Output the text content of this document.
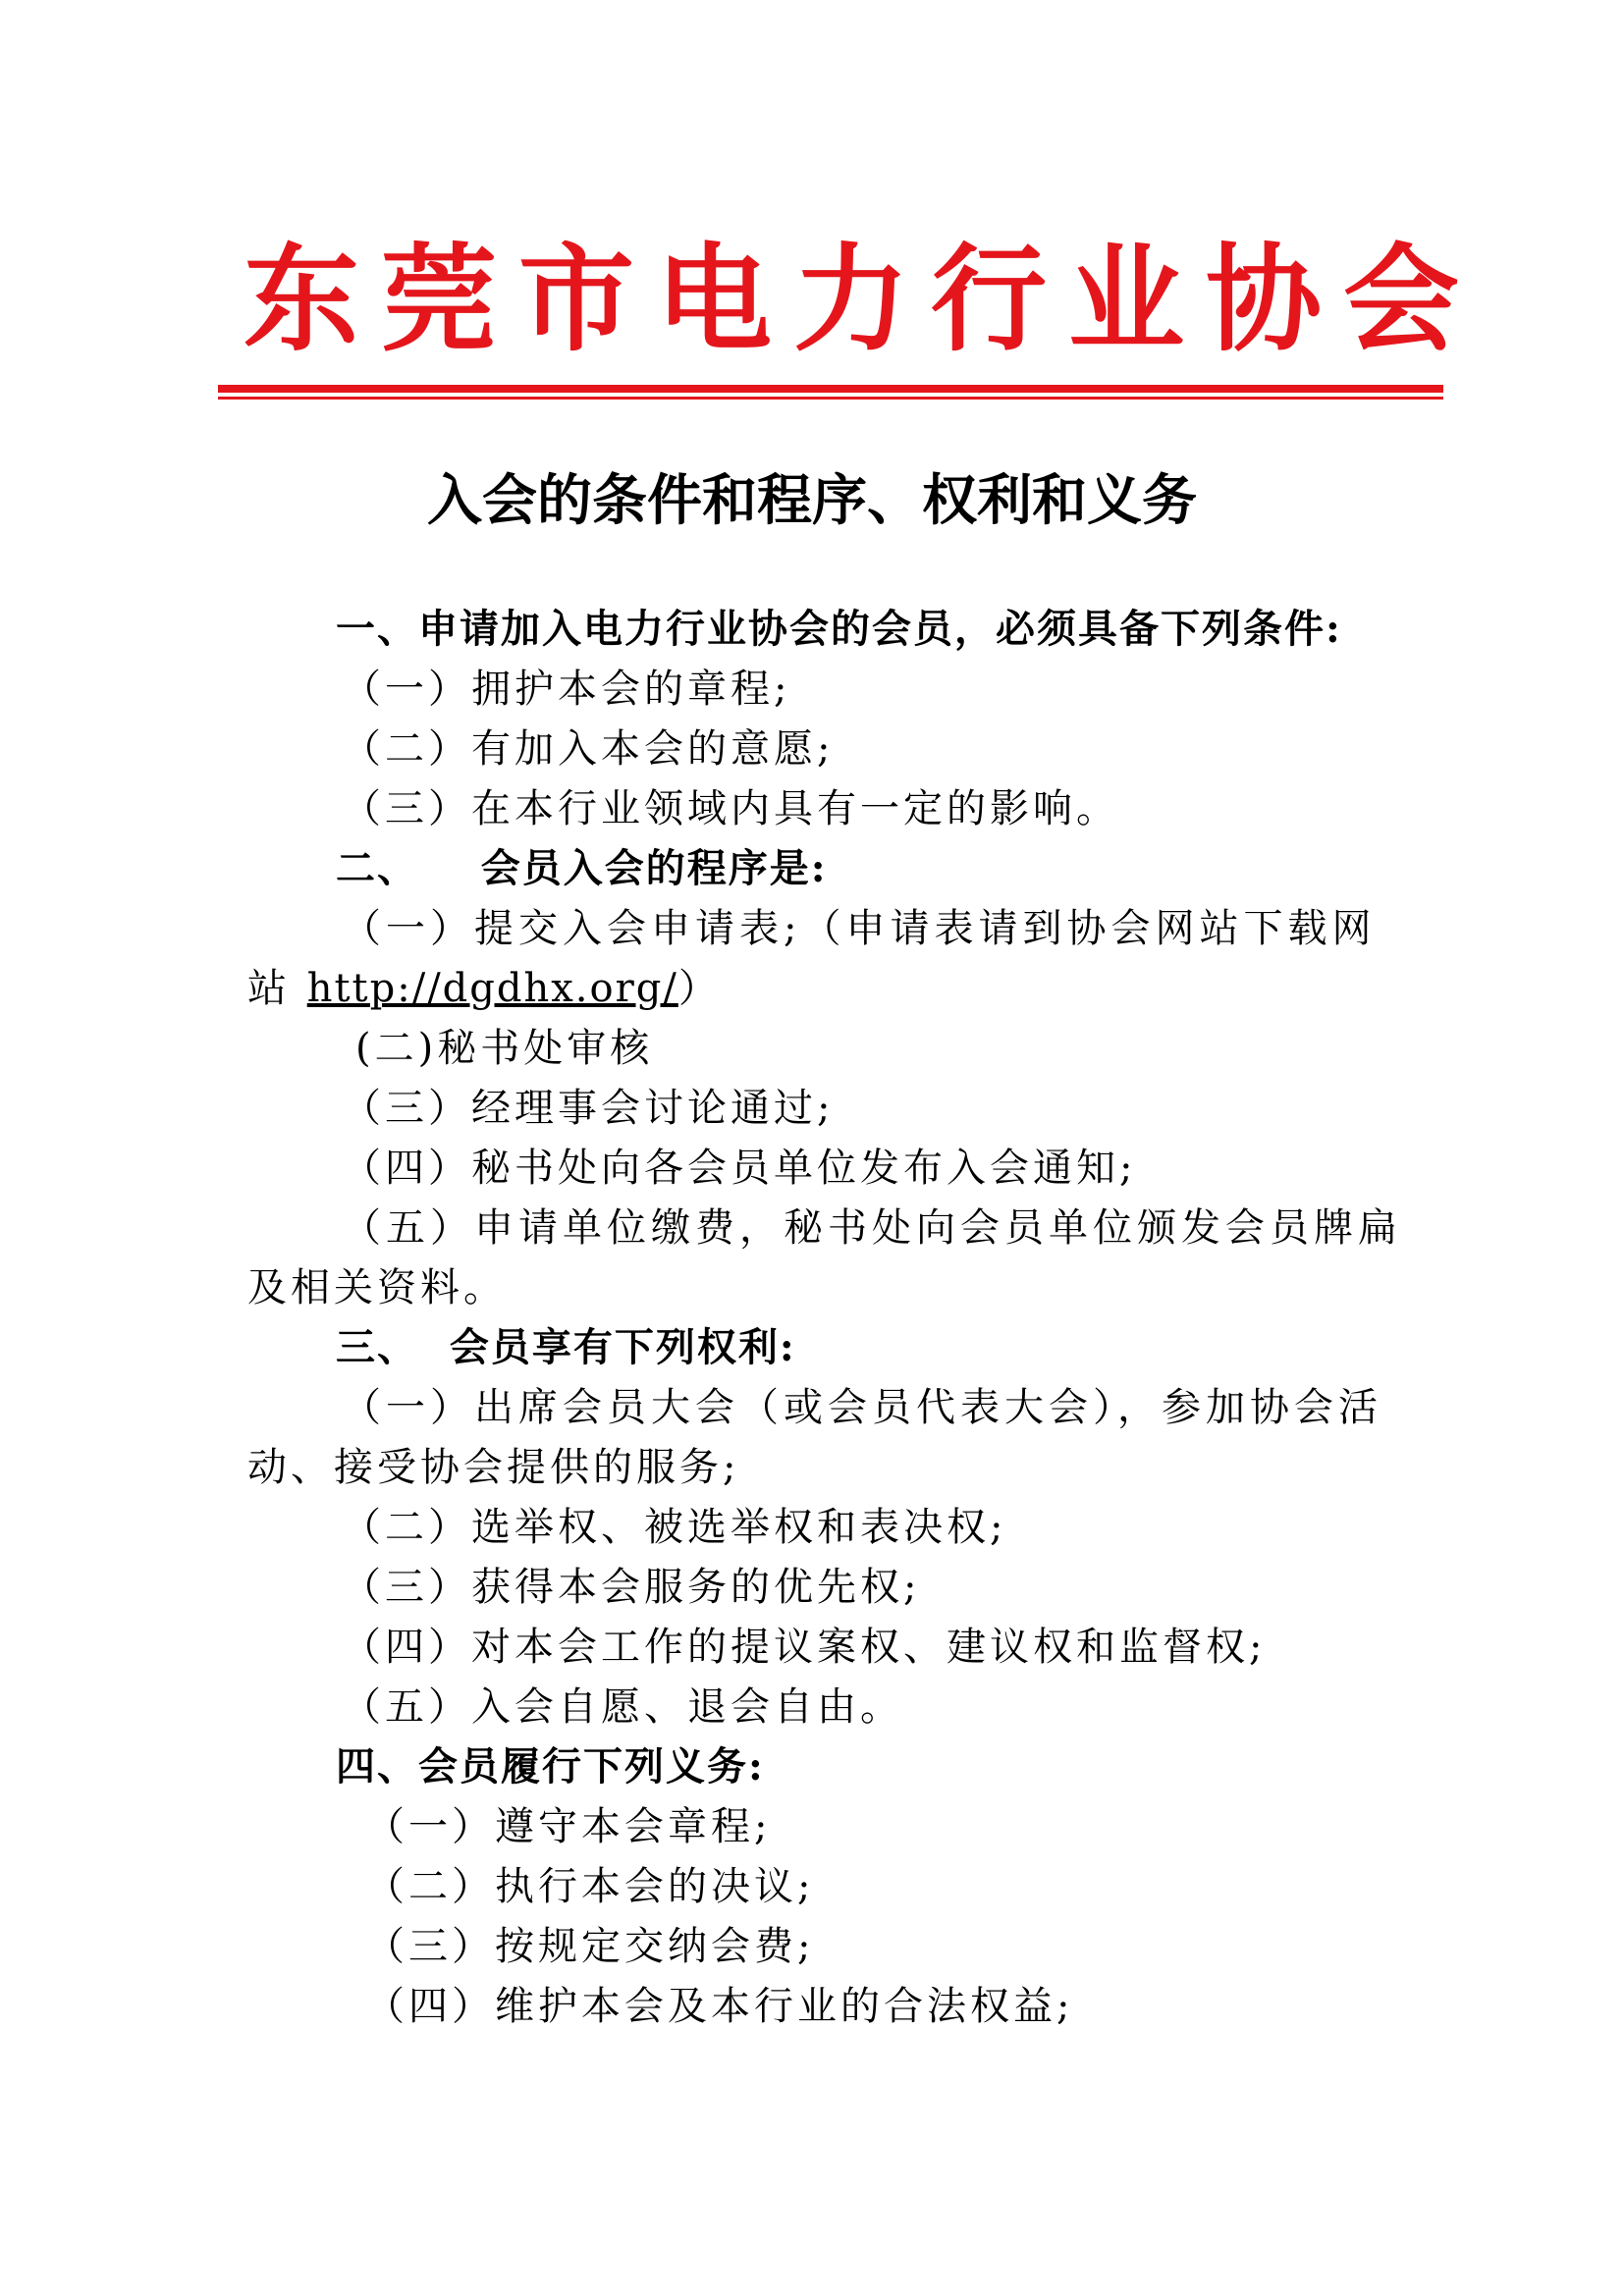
东莞市电力行业协会
入会的条件和程序、权利和义务
一、申请加入电力行业协会的会员，必须具备下列条件:
（一）拥护本会的章程;
（二）有加入本会的意愿;
（三）在本行业领域内具有一定的影响。
二、    会员入会的程序是:
（一）提交入会申请表;（申请表请到协会网站下载网
站 http://dgdhx.org/）
(二)秘书处审核
（三）经理事会讨论通过;
（四）秘书处向各会员单位发布入会通知;
（五）申请单位缴费，秘书处向会员单位颁发会员牌扁
及相关资料。
三、  会员享有下列权利:
（一）出席会员大会（或会员代表大会），参加协会活
动、接受协会提供的服务;
（二）选举权、被选举权和表决权;
（三）获得本会服务的优先权;
（四）对本会工作的提议案权、建议权和监督权;
（五）入会自愿、退会自由。
四、会员履行下列义务:
（一）遵守本会章程;
（二）执行本会的决议;
（三）按规定交纳会费;
（四）维护本会及本行业的合法权益;
